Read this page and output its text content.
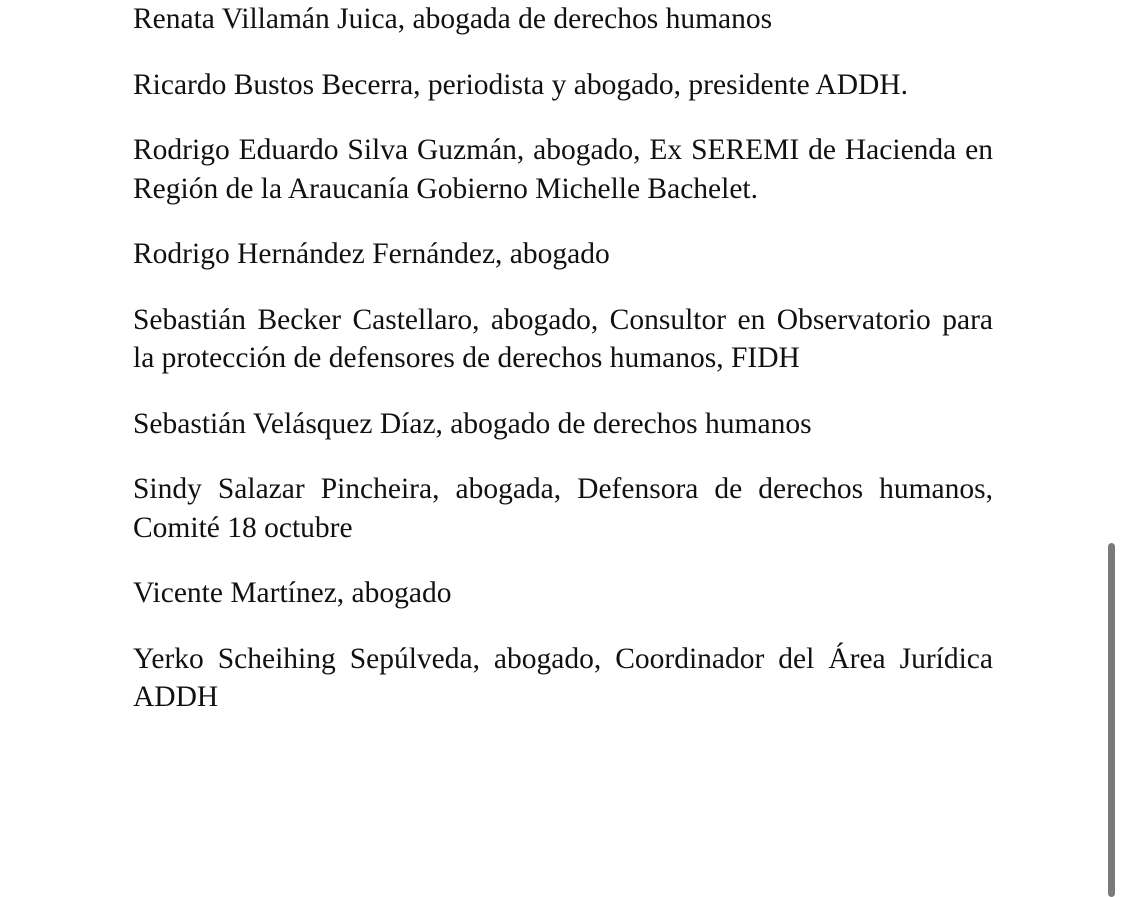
Renata Villamán Juica, abogada de derechos humanos

Ricardo Bustos Becerra, periodista y abogado, presidente ADDH.

Rodrigo Eduardo Silva Guzmán, abogado, Ex SEREMI de Hacienda en Región de la Araucanía Gobierno Michelle Bachelet.

Rodrigo Hernández Fernández, abogado

Sebastián Becker Castellaro, abogado, Consultor en Observatorio para la protección de defensores de derechos humanos, FIDH

Sebastián Velásquez Díaz, abogado de derechos humanos

Sindy Salazar Pincheira, abogada, Defensora de derechos humanos, Comité 18 octubre

Vicente Martínez, abogado

Yerko Scheihing Sepúlveda, abogado, Coordinador del Área Jurídica ADDH
